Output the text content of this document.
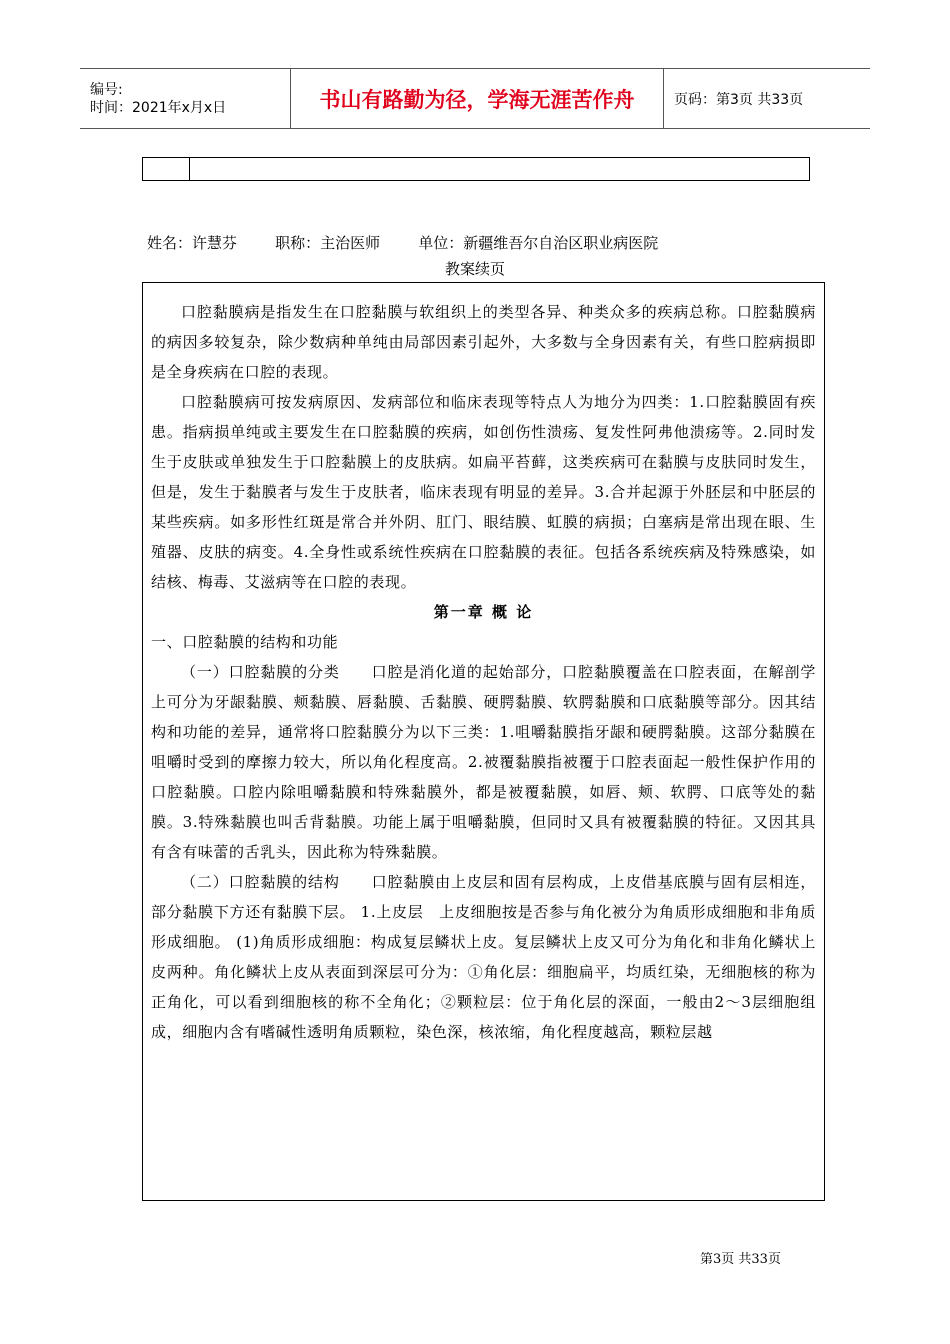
编号:
时间：2021年x月x日	书山有路勤为径，学海无涯苦作舟	页码：第3页 共33页

姓名：许慧芬        职称：主治医师        单位：新疆维吾尔自治区职业病医院
教案续页

口腔黏膜病是指发生在口腔黏膜与软组织上的类型各异、种类众多的疾病总称。口腔黏膜病的病因多较复杂，除少数病种单纯由局部因素引起外，大多数与全身因素有关，有些口腔病损即是全身疾病在口腔的表现。

口腔黏膜病可按发病原因、发病部位和临床表现等特点人为地分为四类：1.口腔黏膜固有疾患。指病损单纯或主要发生在口腔黏膜的疾病，如创伤性溃疡、复发性阿弗他溃疡等。2.同时发生于皮肤或单独发生于口腔黏膜上的皮肤病。如扁平苔藓，这类疾病可在黏膜与皮肤同时发生，但是，发生于黏膜者与发生于皮肤者，临床表现有明显的差异。3.合并起源于外胚层和中胚层的某些疾病。如多形性红斑是常合并外阴、肛门、眼结膜、虹膜的病损；白塞病是常出现在眼、生殖器、皮肤的病变。4.全身性或系统性疾病在口腔黏膜的表征。包括各系统疾病及特殊感染，如结核、梅毒、艾滋病等在口腔的表现。

第一章 概 论

一、口腔黏膜的结构和功能

（一）口腔黏膜的分类　　口腔是消化道的起始部分，口腔黏膜覆盖在口腔表面，在解剖学上可分为牙龈黏膜、颊黏膜、唇黏膜、舌黏膜、硬腭黏膜、软腭黏膜和口底黏膜等部分。因其结构和功能的差异，通常将口腔黏膜分为以下三类：1.咀嚼黏膜指牙龈和硬腭黏膜。这部分黏膜在咀嚼时受到的摩擦力较大，所以角化程度高。2.被覆黏膜指被覆于口腔表面起一般性保护作用的口腔黏膜。口腔内除咀嚼黏膜和特殊黏膜外，都是被覆黏膜，如唇、颊、软腭、口底等处的黏膜。3.特殊黏膜也叫舌背黏膜。功能上属于咀嚼黏膜，但同时又具有被覆黏膜的特征。又因其具有含有味蕾的舌乳头，因此称为特殊黏膜。

（二）口腔黏膜的结构　　口腔黏膜由上皮层和固有层构成，上皮借基底膜与固有层相连，部分黏膜下方还有黏膜下层。 1.上皮层　上皮细胞按是否参与角化被分为角质形成细胞和非角质形成细胞。 (1)角质形成细胞：构成复层鳞状上皮。复层鳞状上皮又可分为角化和非角化鳞状上皮两种。角化鳞状上皮从表面到深层可分为：①角化层：细胞扁平，均质红染，无细胞核的称为正角化，可以看到细胞核的称不全角化；②颗粒层：位于角化层的深面，一般由2～3层细胞组成，细胞内含有嗜碱性透明角质颗粒，染色深，核浓缩，角化程度越高，颗粒层越

第3页 共33页
